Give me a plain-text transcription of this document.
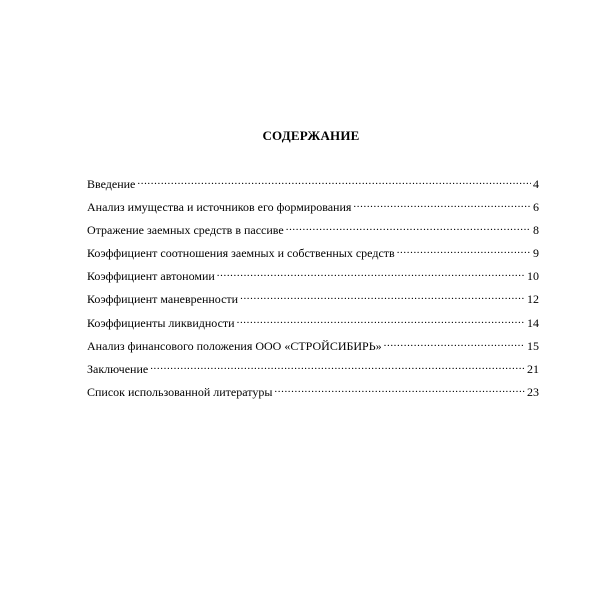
СОДЕРЖАНИЕ
Введение .....	4
Анализ имущества и источников его формирования .....	6
Отражение заемных средств в пассиве .....	8
Коэффициент соотношения заемных и собственных средств .....	9
Коэффициент автономии .....	10
Коэффициент маневренности .....	12
Коэффициенты ликвидности .....	14
Анализ финансового положения ООО «СТРОЙСИБИРЬ» .....	15
Заключение .....	21
Список использованной литературы .....	23
